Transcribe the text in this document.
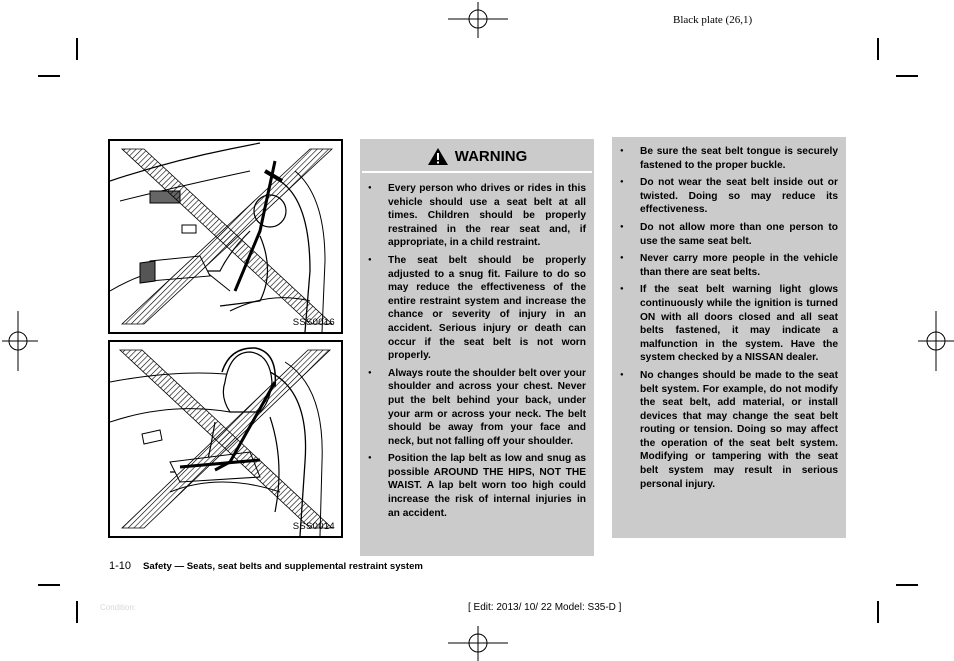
Black plate (26,1)
SSS0016
SSS0014
WARNING
● Every person who drives or rides in this vehicle should use a seat belt at all times. Children should be properly restrained in the rear seat and, if appropriate, in a child restraint.
● The seat belt should be properly adjusted to a snug fit. Failure to do so may reduce the effectiveness of the entire restraint system and increase the chance or severity of injury in an accident. Serious injury or death can occur if the seat belt is not worn properly.
● Always route the shoulder belt over your shoulder and across your chest. Never put the belt behind your back, under your arm or across your neck. The belt should be away from your face and neck, but not falling off your shoulder.
● Position the lap belt as low and snug as possible AROUND THE HIPS, NOT THE WAIST. A lap belt worn too high could increase the risk of internal injuries in an accident.
● Be sure the seat belt tongue is securely fastened to the proper buckle.
● Do not wear the seat belt inside out or twisted. Doing so may reduce its effectiveness.
● Do not allow more than one person to use the same seat belt.
● Never carry more people in the vehicle than there are seat belts.
● If the seat belt warning light glows continuously while the ignition is turned ON with all doors closed and all seat belts fastened, it may indicate a malfunction in the system. Have the system checked by a NISSAN dealer.
● No changes should be made to the seat belt system. For example, do not modify the seat belt, add material, or install devices that may change the seat belt routing or tension. Doing so may affect the operation of the seat belt system. Modifying or tampering with the seat belt system may result in serious personal injury.
1-10 Safety — Seats, seat belts and supplemental restraint system
Condition:	[ Edit: 2013/ 10/ 22 Model: S35-D ]
